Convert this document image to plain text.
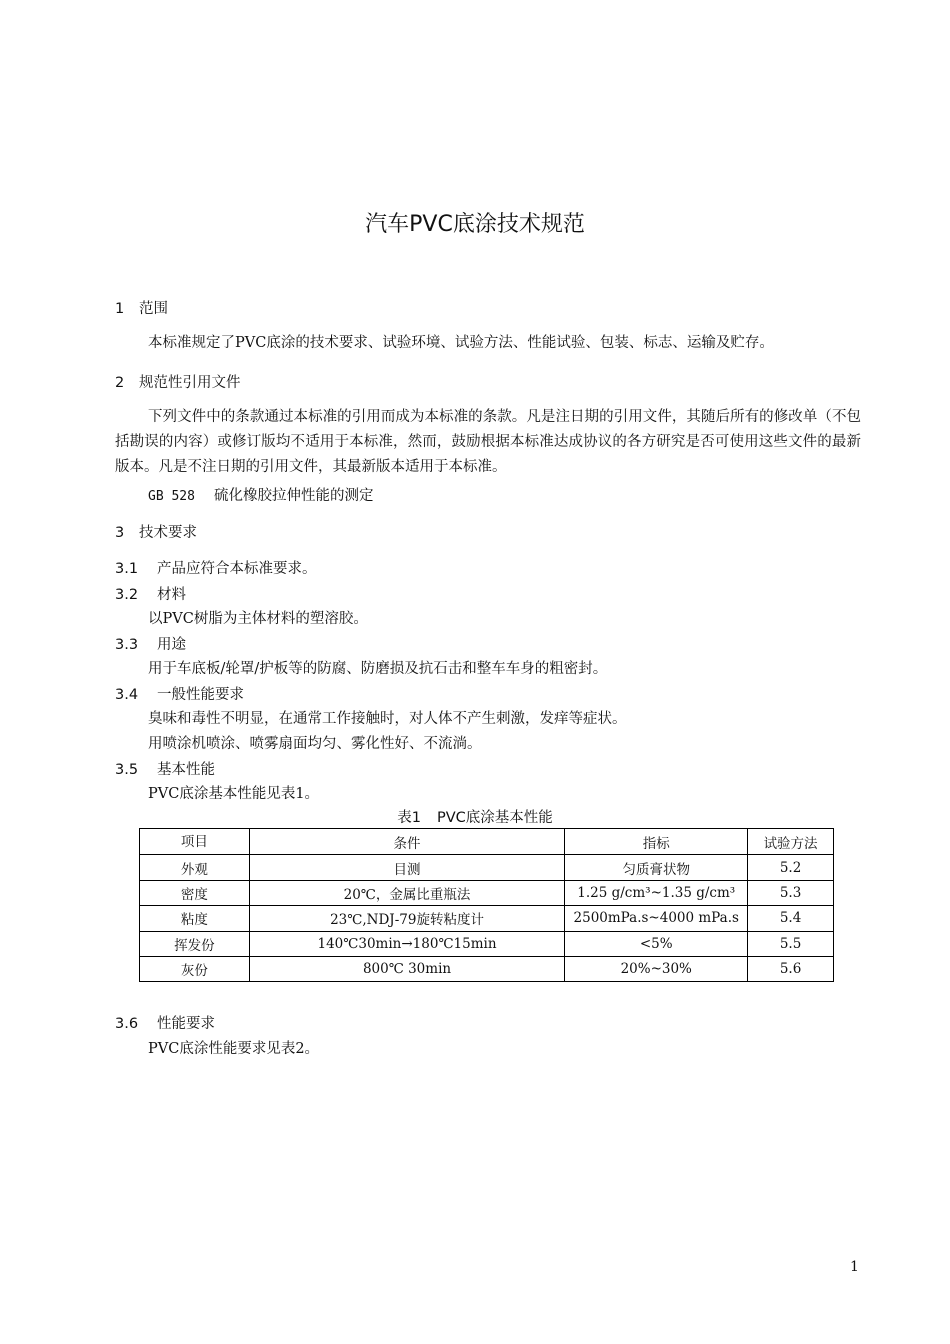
汽车PVC底涂技术规范
1 范围
本标准规定了PVC底涂的技术要求、试验环境、试验方法、性能试验、包装、标志、运输及贮存。
2 规范性引用文件
下列文件中的条款通过本标准的引用而成为本标准的条款。凡是注日期的引用文件，其随后所有的修改单（不包括勘误的内容）或修订版均不适用于本标准，然而，鼓励根据本标准达成协议的各方研究是否可使用这些文件的最新版本。凡是不注日期的引用文件，其最新版本适用于本标准。
GB 528 硫化橡胶拉伸性能的测定
3 技术要求
3.1 产品应符合本标准要求。
3.2 材料
以PVC树脂为主体材料的塑溶胶。
3.3 用途
用于车底板/轮罩/护板等的防腐、防磨损及抗石击和整车车身的粗密封。
3.4 一般性能要求
臭味和毒性不明显，在通常工作接触时，对人体不产生刺激，发痒等症状。
用喷涂机喷涂、喷雾扇面均匀、雾化性好、不流淌。
3.5 基本性能
PVC底涂基本性能见表1。
表1 PVC底涂基本性能
项目	条件	指标	试验方法
外观	目测	匀质膏状物	5.2
密度	20℃，金属比重瓶法	1.25 g/cm³~1.35 g/cm³	5.3
粘度	23℃,NDJ-79旋转粘度计	2500mPa.s~4000 mPa.s	5.4
挥发份	140℃30min→180℃15min	<5%	5.5
灰份	800℃ 30min	20%~30%	5.6
3.6 性能要求
PVC底涂性能要求见表2。
1
